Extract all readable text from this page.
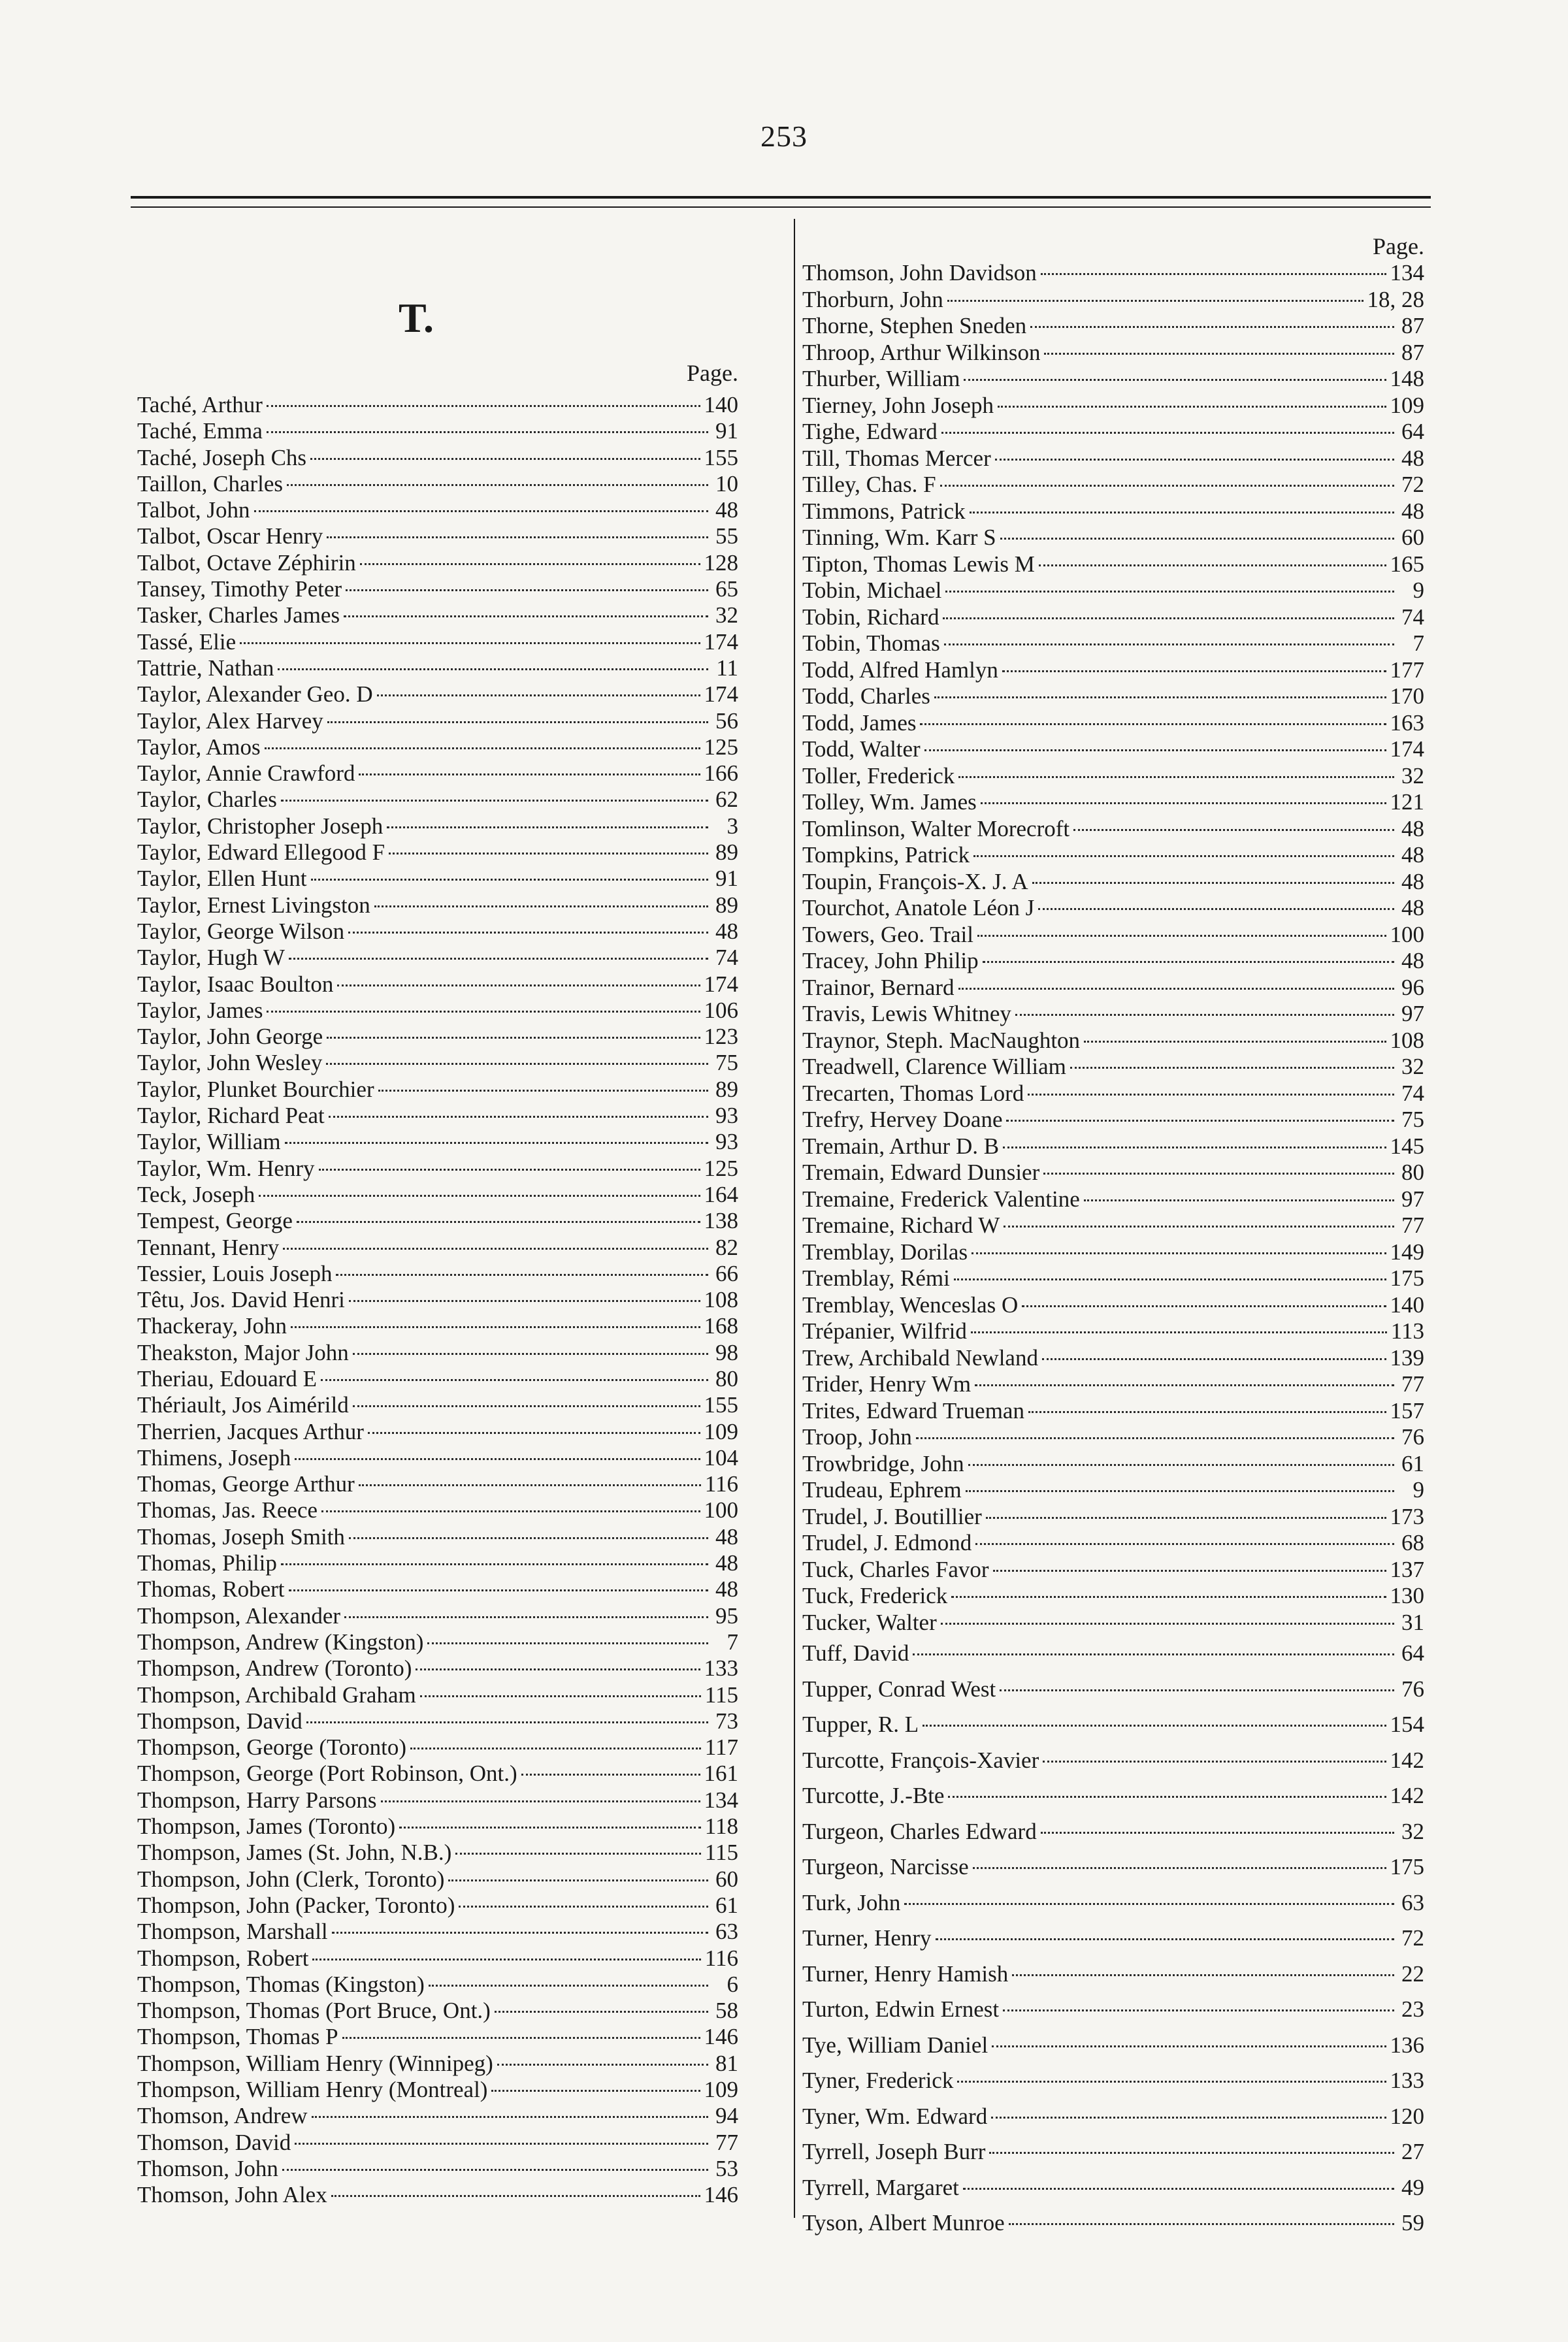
253
T.
Page.
Page.
Taché, Arthur	140
Taché, Emma	91
Taché, Joseph Chs	155
Taillon, Charles	10
Talbot, John	48
Talbot, Oscar Henry	55
Talbot, Octave Zéphirin	128
Tansey, Timothy Peter	65
Tasker, Charles James	32
Tassé, Elie	174
Tattrie, Nathan	11
Taylor, Alexander Geo. D	174
Taylor, Alex Harvey	56
Taylor, Amos	125
Taylor, Annie Crawford	166
Taylor, Charles	62
Taylor, Christopher Joseph	3
Taylor, Edward Ellegood F	89
Taylor, Ellen Hunt	91
Taylor, Ernest Livingston	89
Taylor, George Wilson	48
Taylor, Hugh W	74
Taylor, Isaac Boulton	174
Taylor, James	106
Taylor, John George	123
Taylor, John Wesley	75
Taylor, Plunket Bourchier	89
Taylor, Richard Peat	93
Taylor, William	93
Taylor, Wm. Henry	125
Teck, Joseph	164
Tempest, George	138
Tennant, Henry	82
Tessier, Louis Joseph	66
Têtu, Jos. David Henri	108
Thackeray, John	168
Theakston, Major John	98
Theriau, Edouard E	80
Thériault, Jos Aimérild	155
Therrien, Jacques Arthur	109
Thimens, Joseph	104
Thomas, George Arthur	116
Thomas, Jas. Reece	100
Thomas, Joseph Smith	48
Thomas, Philip	48
Thomas, Robert	48
Thompson, Alexander	95
Thompson, Andrew (Kingston)	7
Thompson, Andrew (Toronto)	133
Thompson, Archibald Graham	115
Thompson, David	73
Thompson, George (Toronto)	117
Thompson, George (Port Robinson, Ont.)	161
Thompson, Harry Parsons	134
Thompson, James (Toronto)	118
Thompson, James (St. John, N.B.)	115
Thompson, John (Clerk, Toronto)	60
Thompson, John (Packer, Toronto)	61
Thompson, Marshall	63
Thompson, Robert	116
Thompson, Thomas (Kingston)	6
Thompson, Thomas (Port Bruce, Ont.)	58
Thompson, Thomas P	146
Thompson, William Henry (Winnipeg)	81
Thompson, William Henry (Montreal)	109
Thomson, Andrew	94
Thomson, David	77
Thomson, John	53
Thomson, John Alex	146
Thomson, John Davidson	134
Thorburn, John	18, 28
Thorne, Stephen Sneden	87
Throop, Arthur Wilkinson	87
Thurber, William	148
Tierney, John Joseph	109
Tighe, Edward	64
Till, Thomas Mercer	48
Tilley, Chas. F	72
Timmons, Patrick	48
Tinning, Wm. Karr S	60
Tipton, Thomas Lewis M	165
Tobin, Michael	9
Tobin, Richard	74
Tobin, Thomas	7
Todd, Alfred Hamlyn	177
Todd, Charles	170
Todd, James	163
Todd, Walter	174
Toller, Frederick	32
Tolley, Wm. James	121
Tomlinson, Walter Morecroft	48
Tompkins, Patrick	48
Toupin, François-X. J. A	48
Tourchot, Anatole Léon J	48
Towers, Geo. Trail	100
Tracey, John Philip	48
Trainor, Bernard	96
Travis, Lewis Whitney	97
Traynor, Steph. MacNaughton	108
Treadwell, Clarence William	32
Trecarten, Thomas Lord	74
Trefry, Hervey Doane	75
Tremain, Arthur D. B	145
Tremain, Edward Dunsier	80
Tremaine, Frederick Valentine	97
Tremaine, Richard W	77
Tremblay, Dorilas	149
Tremblay, Rémi	175
Tremblay, Wenceslas O	140
Trépanier, Wilfrid	113
Trew, Archibald Newland	139
Trider, Henry Wm	77
Trites, Edward Trueman	157
Troop, John	76
Trowbridge, John	61
Trudeau, Ephrem	9
Trudel, J. Boutillier	173
Trudel, J. Edmond	68
Tuck, Charles Favor	137
Tuck, Frederick	130
Tucker, Walter	31
Tuff, David	64
Tupper, Conrad West	76
Tupper, R. L	154
Turcotte, François-Xavier	142
Turcotte, J.-Bte	142
Turgeon, Charles Edward	32
Turgeon, Narcisse	175
Turk, John	63
Turner, Henry	72
Turner, Henry Hamish	22
Turton, Edwin Ernest	23
Tye, William Daniel	136
Tyner, Frederick	133
Tyner, Wm. Edward	120
Tyrrell, Joseph Burr	27
Tyrrell, Margaret	49
Tyson, Albert Munroe	59
